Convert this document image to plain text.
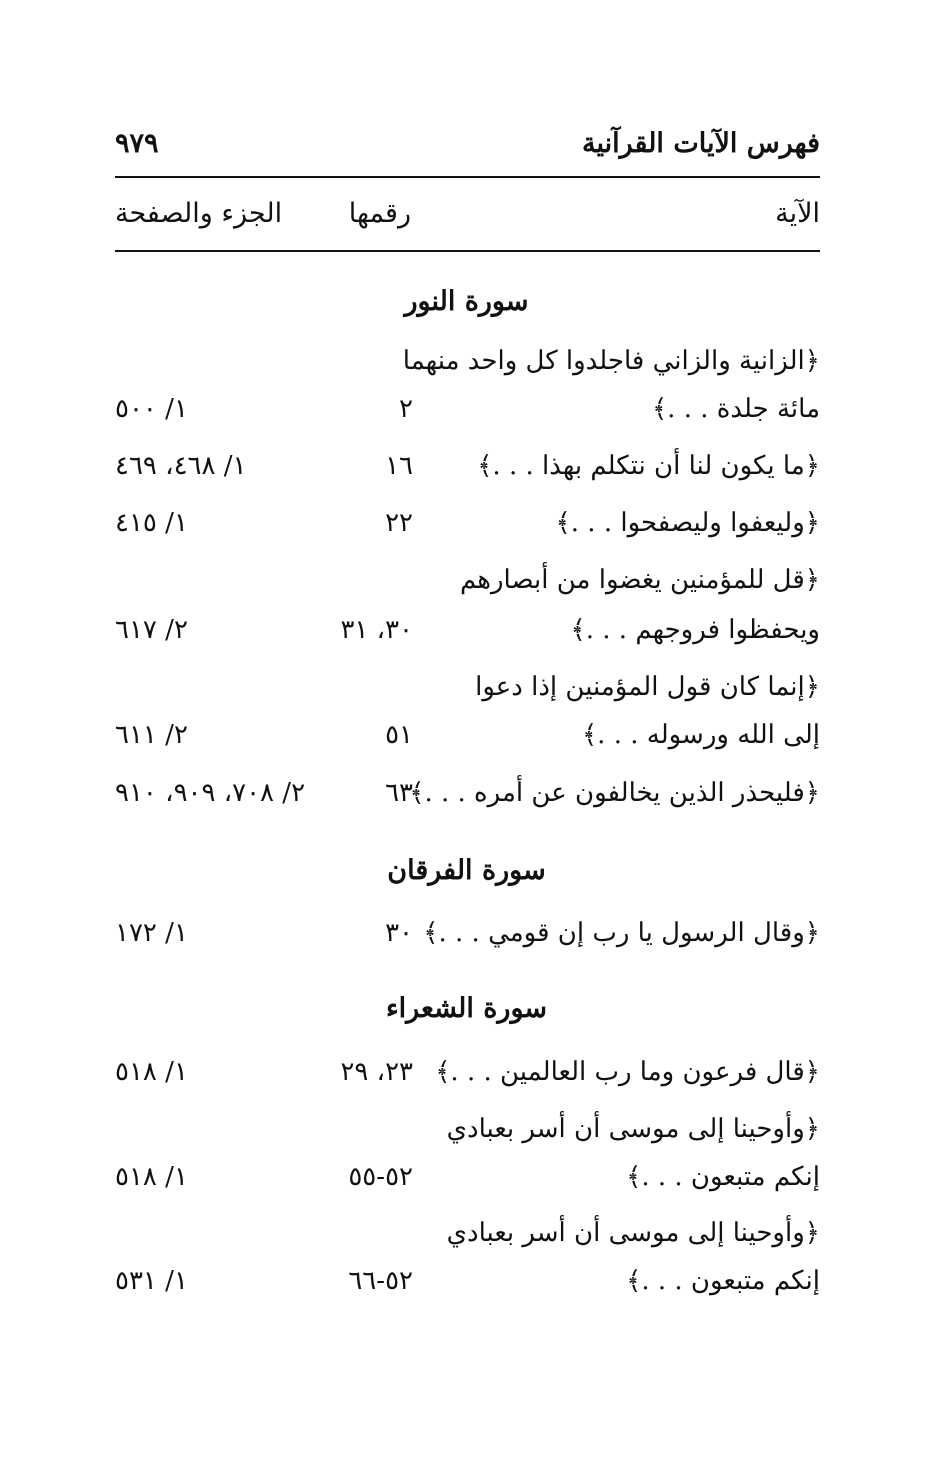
فهرس الآيات القرآنية
٩٧٩
الآية
رقمها
الجزء والصفحة
سورة النور
﴿الزانية والزاني فاجلدوا كل واحد منهما
مائة جلدة . . .﴾
٢
١/ ٥٠٠
﴿ما يكون لنا أن نتكلم بهذا . . .﴾
١٦
١/ ٤٦٨، ٤٦٩
﴿وليعفوا وليصفحوا . . .﴾
٢٢
١/ ٤١٥
﴿قل للمؤمنين يغضوا من أبصارهم
ويحفظوا فروجهم . . .﴾
٣٠، ٣١
٢/ ٦١٧
﴿إنما كان قول المؤمنين إذا دعوا
إلى الله ورسوله . . .﴾
٥١
٢/ ٦١١
﴿فليحذر الذين يخالفون عن أمره . . .﴾
٦٣
٢/ ٧٠٨، ٩٠٩، ٩١٠
سورة الفرقان
﴿وقال الرسول يا رب إن قومي . . .﴾
٣٠
١/ ١٧٢
سورة الشعراء
﴿قال فرعون وما رب العالمين . . .﴾
٢٣، ٢٩
١/ ٥١٨
﴿وأوحينا إلى موسى أن أسر بعبادي
إنكم متبعون . . .﴾
٥٢-٥٥
١/ ٥١٨
﴿وأوحينا إلى موسى أن أسر بعبادي
إنكم متبعون . . .﴾
٥٢-٦٦
١/ ٥٣١
